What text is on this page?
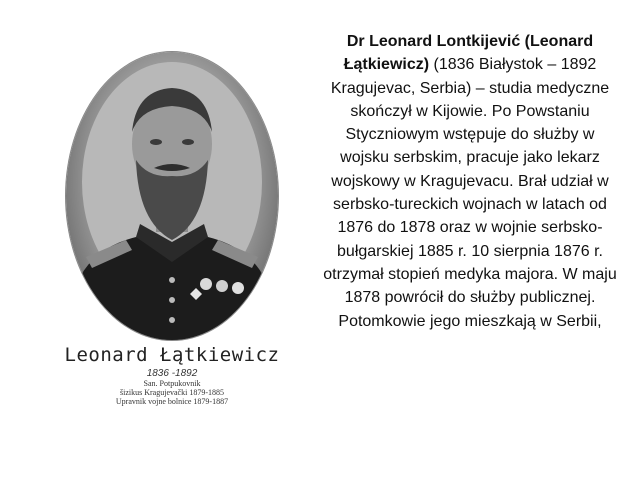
Leonard Łątkiewicz
1836 -1892
San. Potpukovnik
šizikus Kragujevački 1879-1885
Upravnik vojne bolnice 1879-1887
Dr Leonard Lontkijević (Leonard Łątkiewicz) (1836 Białystok – 1892 Kragujevac, Serbia) – studia medyczne skończył w Kijowie. Po Powstaniu Styczniowym wstępuje do służby w wojsku serbskim, pracuje jako lekarz wojskowy w Kragujevacu. Brał udział w serbsko-tureckich wojnach w latach od 1876 do 1878 oraz w wojnie serbsko-bułgarskiej 1885 r. 10 sierpnia 1876 r. otrzymał stopień medyka majora. W maju 1878 powrócił do służby publicznej. Potomkowie jego mieszkają w Serbii,
